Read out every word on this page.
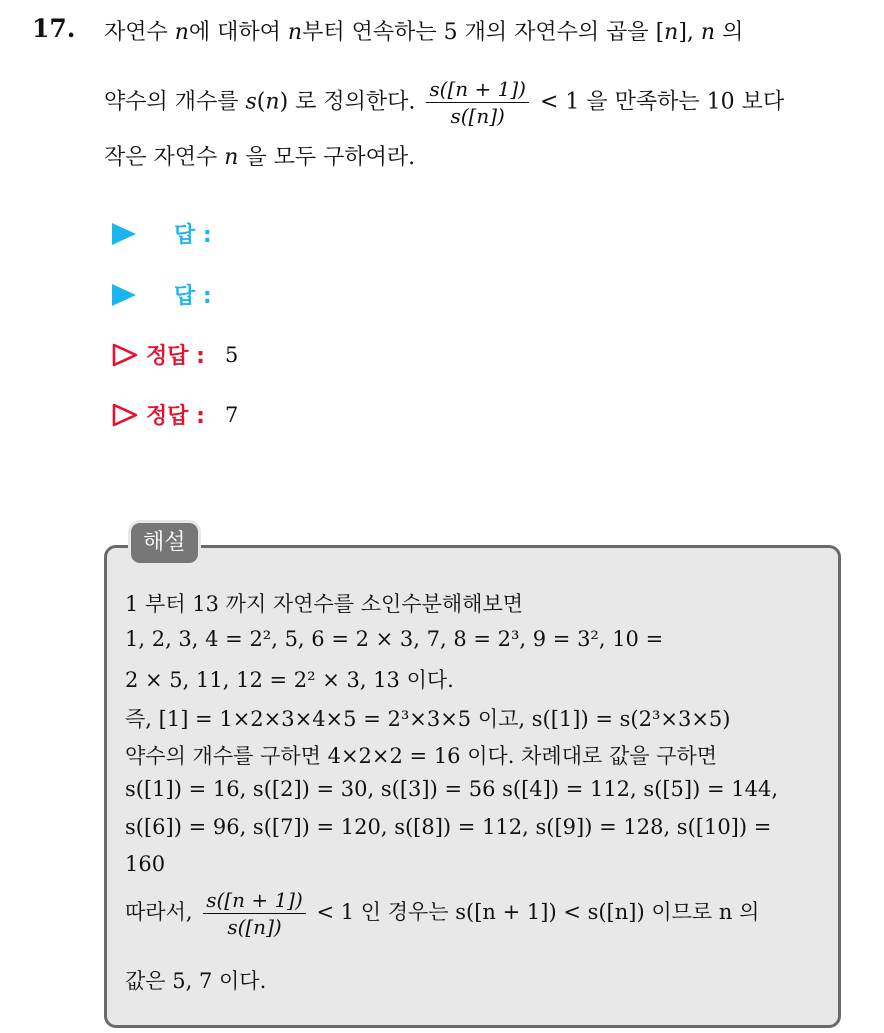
17. 자연수 n에 대하여 n부터 연속하는 5 개의 자연수의 곱을 [n], n 의
약수의 개수를 s(n) 로 정의한다. $\frac{s([n + 1])}{s([n])} < 1$ 을 만족하는 10 보다
작은 자연수 n 을 모두 구하여라.
답 :
답 :
정답 : 5
정답 : 7
해설
1 부터 13 까지 자연수를 소인수분해해보면
1, 2, 3, 4 = 2², 5, 6 = 2 × 3, 7, 8 = 2³, 9 = 3², 10 =
2 × 5, 11, 12 = 2² × 3, 13 이다.
즉, [1] = 1×2×3×4×5 = 2³×3×5 이고, s([1]) = s(2³×3×5)
약수의 개수를 구하면 4×2×2 = 16 이다. 차례대로 값을 구하면
s([1]) = 16, s([2]) = 30, s([3]) = 56 s([4]) = 112, s([5]) = 144,
s([6]) = 96, s([7]) = 120, s([8]) = 112, s([9]) = 128, s([10]) =
160
따라서, $\frac{s([n + 1])}{s([n])} < 1$ 인 경우는 s([n + 1]) < s([n]) 이므로 n 의
값은 5, 7 이다.
